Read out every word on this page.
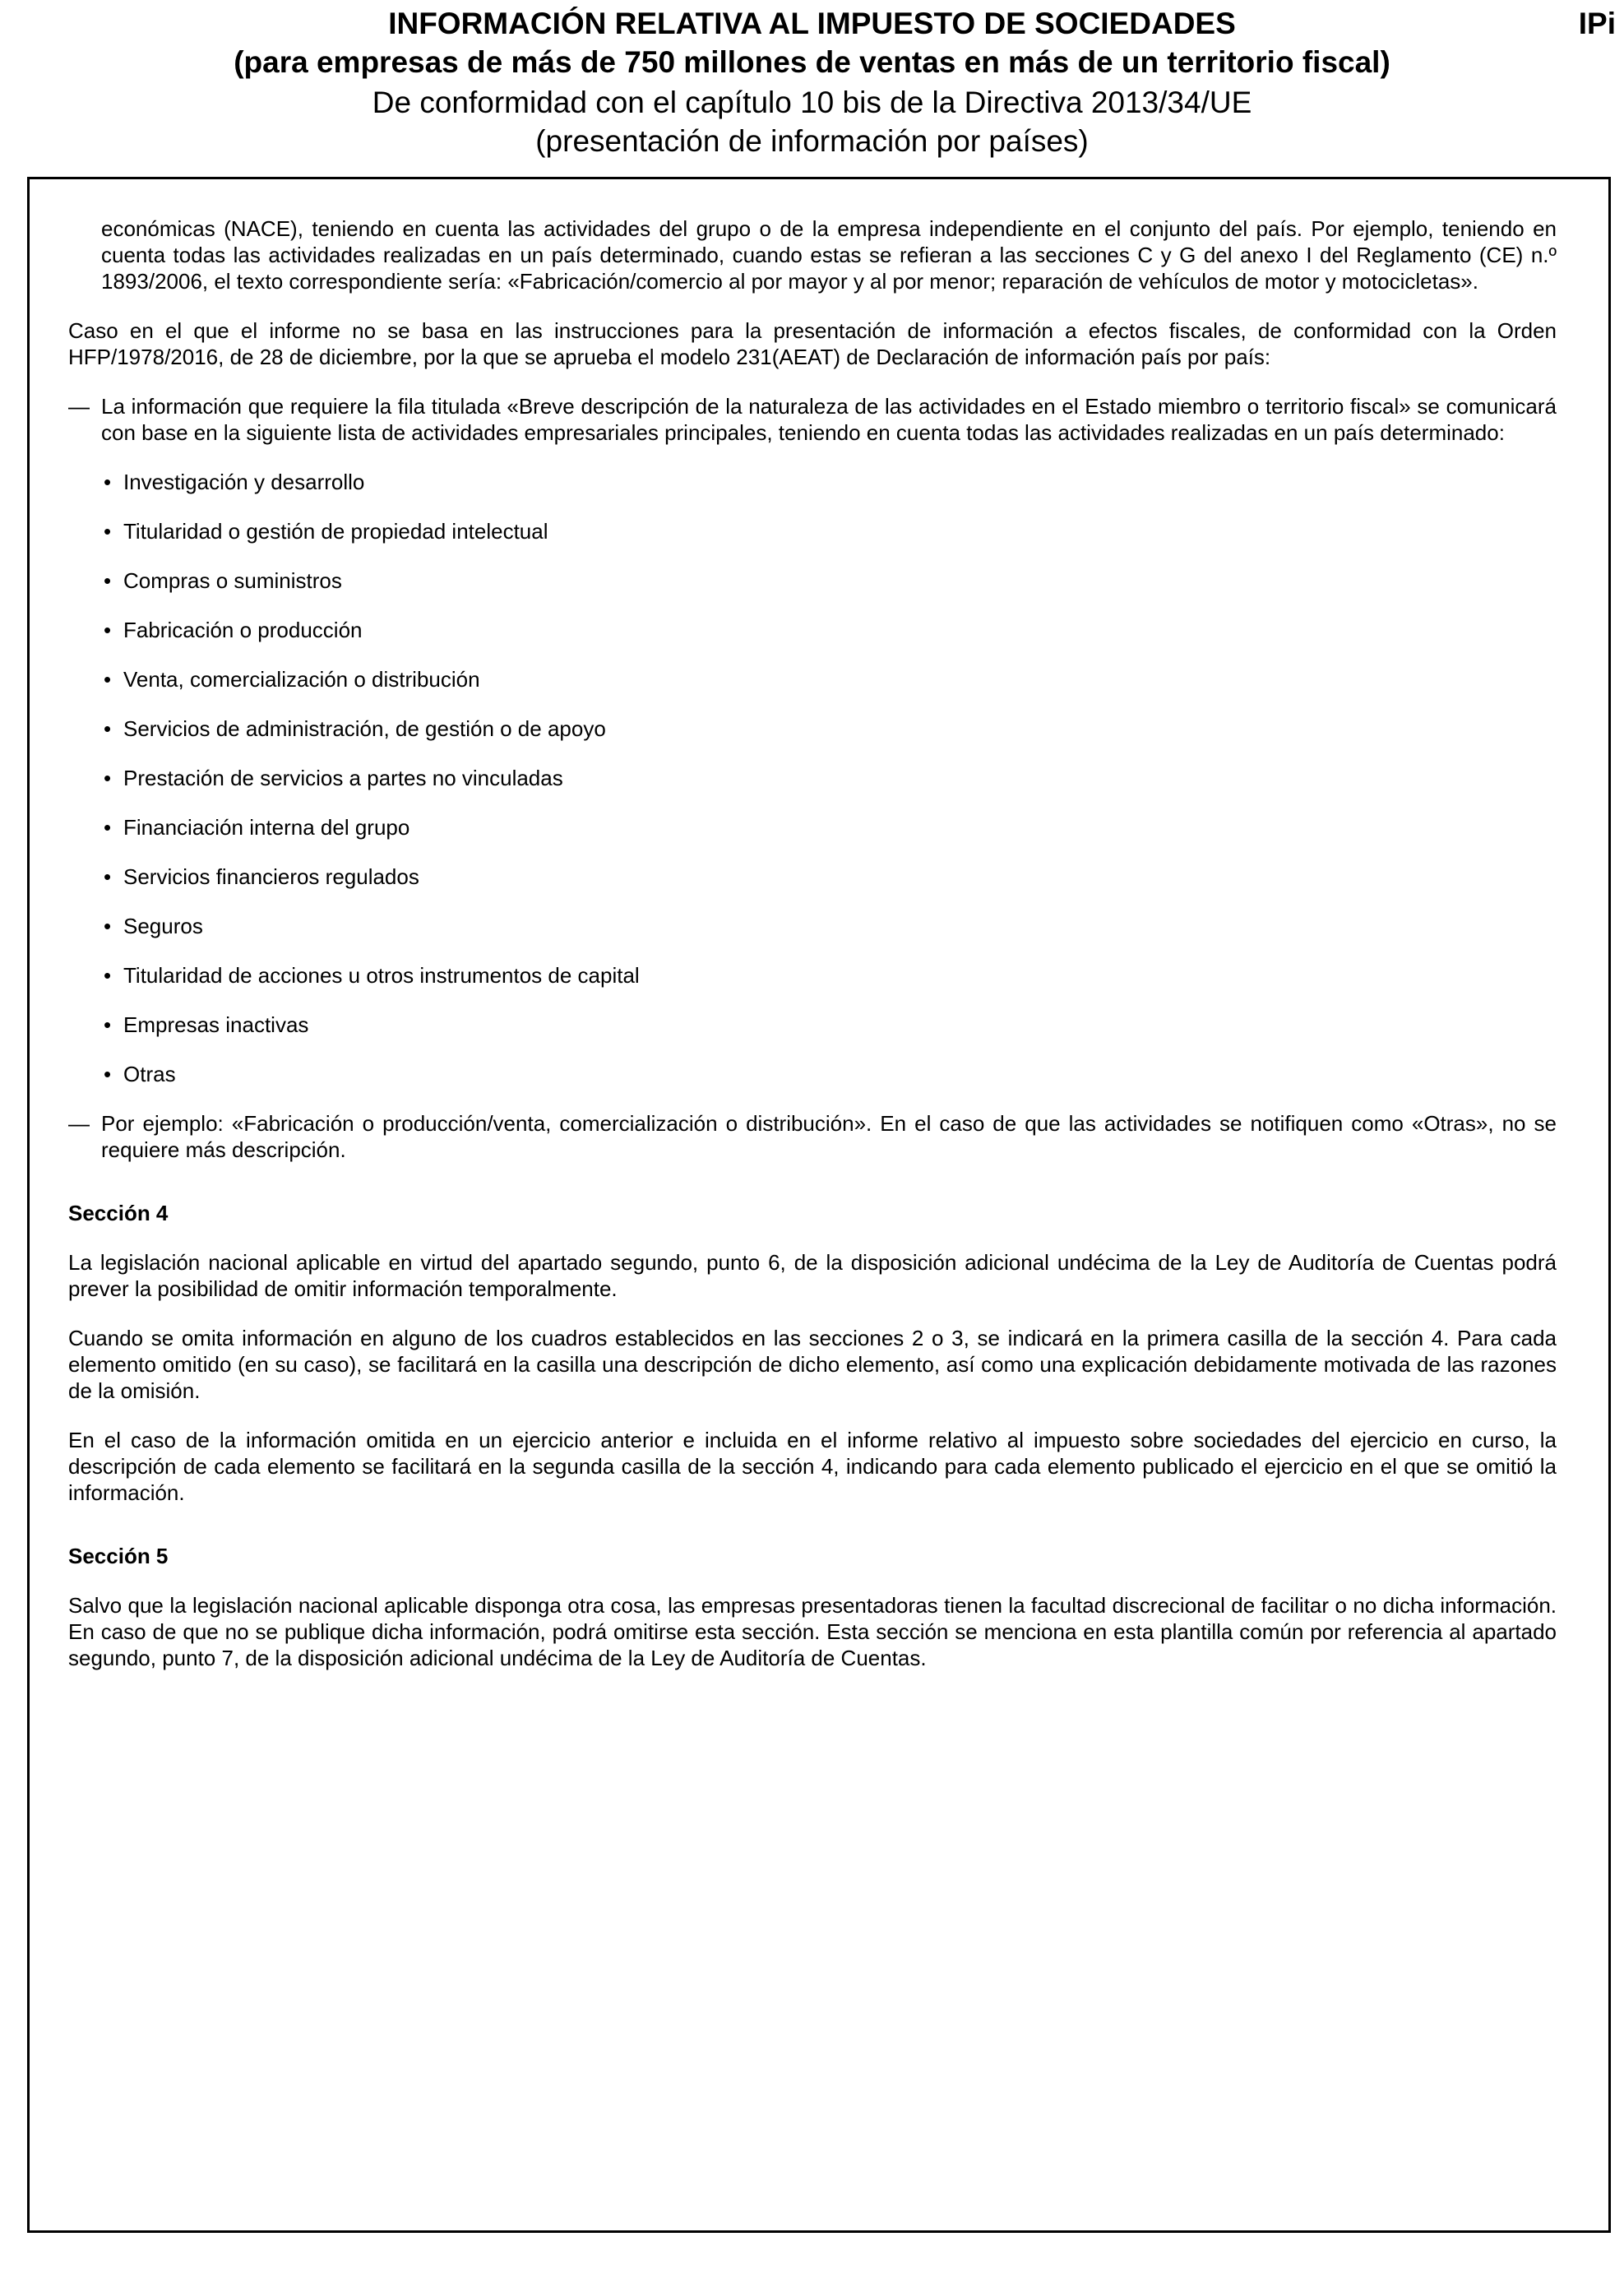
INFORMACIÓN RELATIVA AL IMPUESTO DE SOCIEDADES
(para empresas de más de 750 millones de ventas en más de un territorio fiscal)
De conformidad con el capítulo 10 bis de la Directiva 2013/34/UE
(presentación de información por países)
IPi

económicas (NACE), teniendo en cuenta las actividades del grupo o de la empresa independiente en el conjunto del país. Por ejemplo, teniendo en cuenta todas las actividades realizadas en un país determinado, cuando estas se refieran a las secciones C y G del anexo I del Reglamento (CE) n.º 1893/2006, el texto correspondiente sería: «Fabricación/comercio al por mayor y al por menor; reparación de vehículos de motor y motocicletas».

Caso en el que el informe no se basa en las instrucciones para la presentación de información a efectos fiscales, de conformidad con la Orden HFP/1978/2016, de 28 de diciembre, por la que se aprueba el modelo 231(AEAT) de Declaración de información país por país:

— La información que requiere la fila titulada «Breve descripción de la naturaleza de las actividades en el Estado miembro o territorio fiscal» se comunicará con base en la siguiente lista de actividades empresariales principales, teniendo en cuenta todas las actividades realizadas en un país determinado:
• Investigación y desarrollo
• Titularidad o gestión de propiedad intelectual
• Compras o suministros
• Fabricación o producción
• Venta, comercialización o distribución
• Servicios de administración, de gestión o de apoyo
• Prestación de servicios a partes no vinculadas
• Financiación interna del grupo
• Servicios financieros regulados
• Seguros
• Titularidad de acciones u otros instrumentos de capital
• Empresas inactivas
• Otras
— Por ejemplo: «Fabricación o producción/venta, comercialización o distribución». En el caso de que las actividades se notifiquen como «Otras», no se requiere más descripción.
Sección 4

La legislación nacional aplicable en virtud del apartado segundo, punto 6, de la disposición adicional undécima de la Ley de Auditoría de Cuentas podrá prever la posibilidad de omitir información temporalmente.

Cuando se omita información en alguno de los cuadros establecidos en las secciones 2 o 3, se indicará en la primera casilla de la sección 4. Para cada elemento omitido (en su caso), se facilitará en la casilla una descripción de dicho elemento, así como una explicación debidamente motivada de las razones de la omisión.

En el caso de la información omitida en un ejercicio anterior e incluida en el informe relativo al impuesto sobre sociedades del ejercicio en curso, la descripción de cada elemento se facilitará en la segunda casilla de la sección 4, indicando para cada elemento publicado el ejercicio en el que se omitió la información.

Sección 5

Salvo que la legislación nacional aplicable disponga otra cosa, las empresas presentadoras tienen la facultad discrecional de facilitar o no dicha información. En caso de que no se publique dicha información, podrá omitirse esta sección. Esta sección se menciona en esta plantilla común por referencia al apartado segundo, punto 7, de la disposición adicional undécima de la Ley de Auditoría de Cuentas.
